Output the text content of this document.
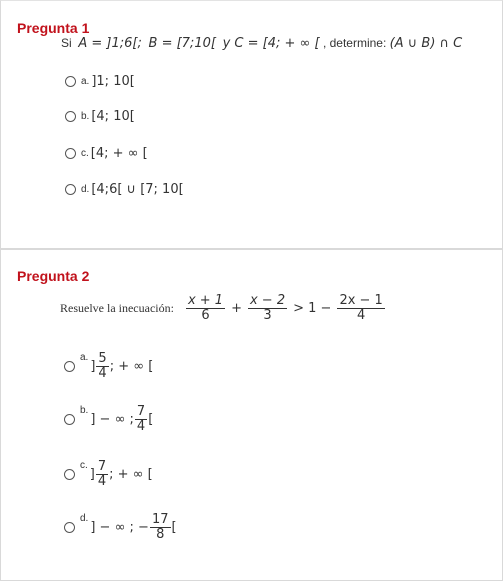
Pregunta 1
Si A = ]1;6[; B = [7;10[ y C = [4; + ∞ [ , determine: (A ∪ B) ∩ C
a. ]1; 10[
b. [4; 10[
c. [4; + ∞ [
d. [4;6[ ∪ [7; 10[
Pregunta 2
Resuelve la inecuación: $\frac{x + 1}{6} + \frac{x - 2}{3} > 1 - \frac{2x - 1}{4}$
a.
] $\frac{5}{4}$ ; + ∞ [
b.
] − ∞ ; $\frac{7}{4}$ [
c.
] $\frac{7}{4}$ ; + ∞ [
d.
] − ∞ ; − $\frac{17}{8}$ [
